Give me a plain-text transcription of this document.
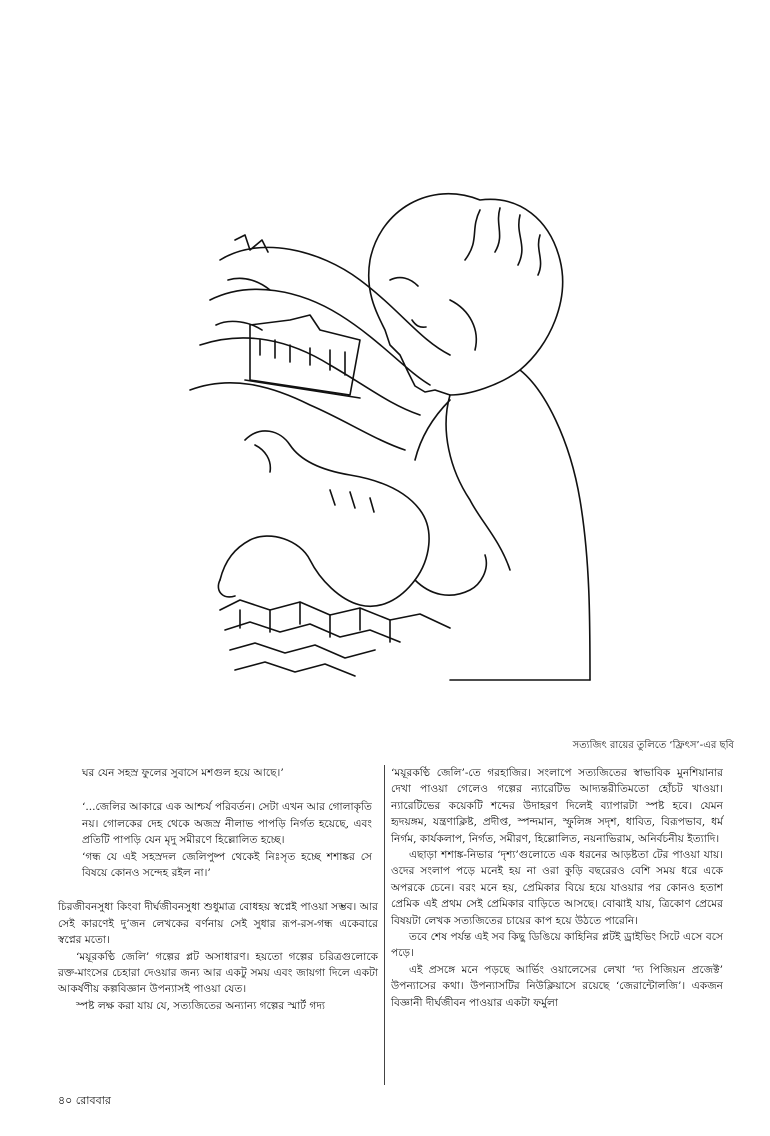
সত্যজিৎ রায়ের তুলিতে ‘ফ্রিৎস’-এর ছবি

ঘর যেন সহস্র ফুলের সুবাসে মশগুল হয়ে আছে।’

‘...জেলির আকারে এক আশ্চর্য পরিবর্তন। সেটা এখন আর গোলাকৃতি নয়। গোলকের দেহ থেকে অজস্র নীলাভ পাপড়ি নির্গত হয়েছে, এবং প্রতিটি পাপড়ি যেন মৃদু সমীরণে হিল্লোলিত হচ্ছে।

‘গন্ধ যে এই সহস্রদল জেলিপুষ্প থেকেই নিঃসৃত হচ্ছে শশাঙ্কর সে বিষয়ে কোনও সন্দেহ রইল না।’

চিরজীবনসুধা কিংবা দীর্ঘজীবনসুধা শুধুমাত্র বোধহয় স্বপ্নেই পাওয়া সম্ভব। আর সেই কারণেই দু’জন লেখকের বর্ণনায় সেই সুধার রূপ-রস-গন্ধ একেবারে স্বপ্নের মতো।

‘ময়ূরকণ্ঠি জেলি’ গল্পের প্লট অসাধারণ। হয়তো গল্পের চরিত্রগুলোকে রক্ত-মাংসের চেহারা দেওয়ার জন্য আর একটু সময় এবং জায়গা দিলে একটা আকর্ষণীয় কল্পবিজ্ঞান উপন্যাসই পাওয়া যেত।

স্পষ্ট লক্ষ করা যায় যে, সত্যজিতের অন্যান্য গল্পের স্মার্ট গদ্য

‘ময়ূরকণ্ঠি জেলি’-তে গরহাজির। সংলাপে সত্যজিতের স্বাভাবিক মুনশিয়ানার দেখা পাওয়া গেলেও গল্পের ন্যারেটিভ আদ্যন্তরীতিমতো হোঁচট খাওয়া। ন্যারেটিভের কয়েকটি শব্দের উদাহরণ দিলেই ব্যাপারটা স্পষ্ট হবে। যেমন হৃদয়ঙ্গম, যন্ত্রণাক্লিষ্ট, প্রদীপ্ত, স্পন্দমান, স্ফুলিঙ্গ সদৃশ, ধাবিত, বিরূপভাব, ধর্ম নির্গম, কার্যকলাপ, নির্গত, সমীরণ, হিল্লোলিত, নয়নাভিরাম, অনির্বচনীয় ইত্যাদি।

এছাড়া শশাঙ্ক-নিভার ‘দৃশ্য’গুলোতে এক ধরনের আড়ষ্টতা টের পাওয়া যায়। ওদের সংলাপ পড়ে মনেই হয় না ওরা কুড়ি বছরেরও বেশি সময় ধরে একে অপরকে চেনে। বরং মনে হয়, প্রেমিকার বিয়ে হয়ে যাওয়ার পর কোনও হতাশ প্রেমিক এই প্রথম সেই প্রেমিকার বাড়িতে আসছে। বোঝাই যায়, ত্রিকোণ প্রেমের বিষয়টা লেখক সত্যজিতের চায়ের কাপ হয়ে উঠতে পারেনি।

তবে শেষ পর্যন্ত এই সব কিছু ডিঙিয়ে কাহিনির প্লটই ড্রাইভিং সিটে এসে বসে পড়ে।

এই প্রসঙ্গে মনে পড়ছে আর্ভিং ওয়ালেসের লেখা ‘দ্য পিজিয়ন প্রজেক্ট’ উপন্যাসের কথা। উপন্যাসটির নিউক্লিয়াসে রয়েছে ‘জেরান্টোলজি’। একজন বিজ্ঞানী দীর্ঘজীবন পাওয়ার একটা ফর্মুলা

৪০ রোববার
